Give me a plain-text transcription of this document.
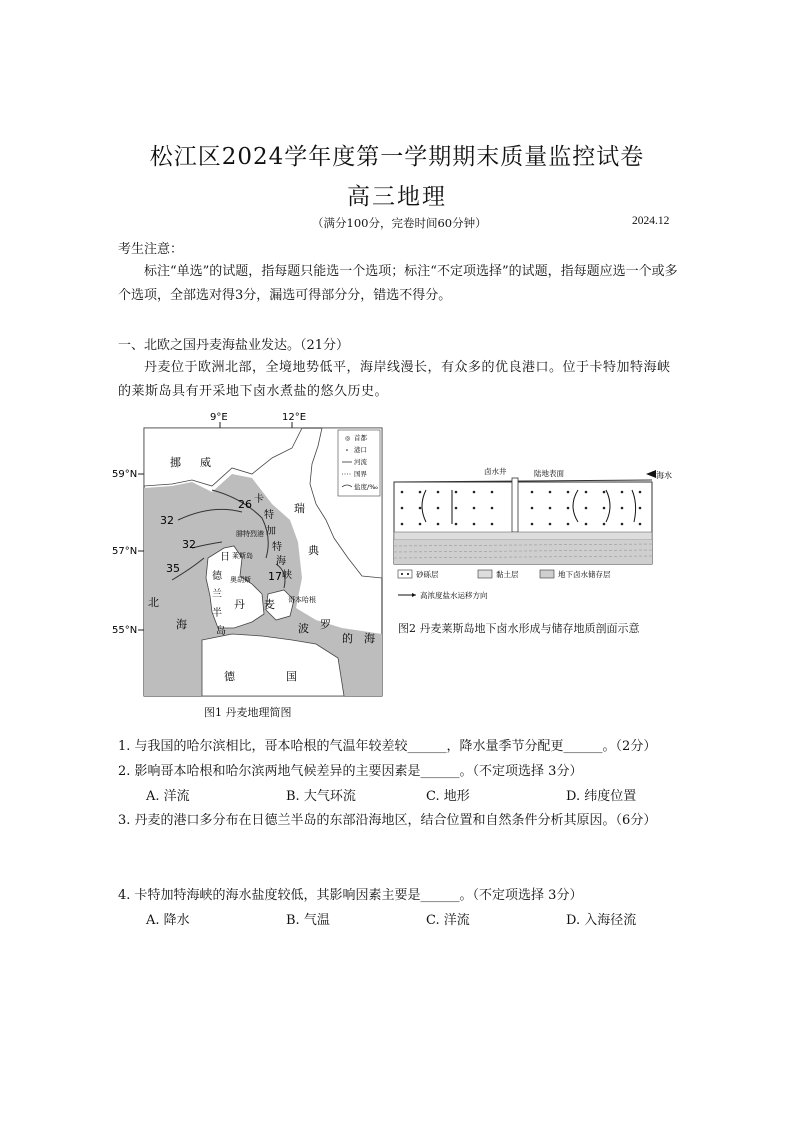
松江区2024学年度第一学期期末质量监控试卷
高三地理
（满分100分，完卷时间60分钟）	2024.12
考生注意：
标注“单选”的试题，指每题只能选一个选项；标注“不定项选择”的试题，指每题应选一个或多个选项，全部选对得3分，漏选可得部分分，错选不得分。
一、北欧之国丹麦海盐业发达。（21分）
丹麦位于欧洲北部，全境地势低平，海岸线漫长，有众多的优良港口。位于卡特加特海峡的莱斯岛具有开采地下卤水煮盐的悠久历史。
9°E	12°E
59°N
57°N
55°N
◎ 首都
∘ 港口
河流
国界
盐度/‰
挪 威
瑞
典
卡
特
加
特
海
峡
北
海	波 罗
的 海
德	国
日
德
兰
半
岛
丹 麦
腓特烈港
莱斯岛
奥胡斯
哥本哈根
26
32
32
35
17
图1 丹麦地理简图
卤水井	陆地表面	海水
砂砾层	黏土层	地下卤水储存层
高浓度盐水运移方向
图2 丹麦莱斯岛地下卤水形成与储存地质剖面示意
1. 与我国的哈尔滨相比，哥本哈根的气温年较差较______，降水量季节分配更______。（2分）
2. 影响哥本哈根和哈尔滨两地气候差异的主要因素是______。（不定项选择 3分）
A. 洋流	B. 大气环流	C. 地形	D. 纬度位置
3. 丹麦的港口多分布在日德兰半岛的东部沿海地区，结合位置和自然条件分析其原因。（6分）
4. 卡特加特海峡的海水盐度较低，其影响因素主要是______。（不定项选择 3分）
A. 降水	B. 气温	C. 洋流	D. 入海径流
